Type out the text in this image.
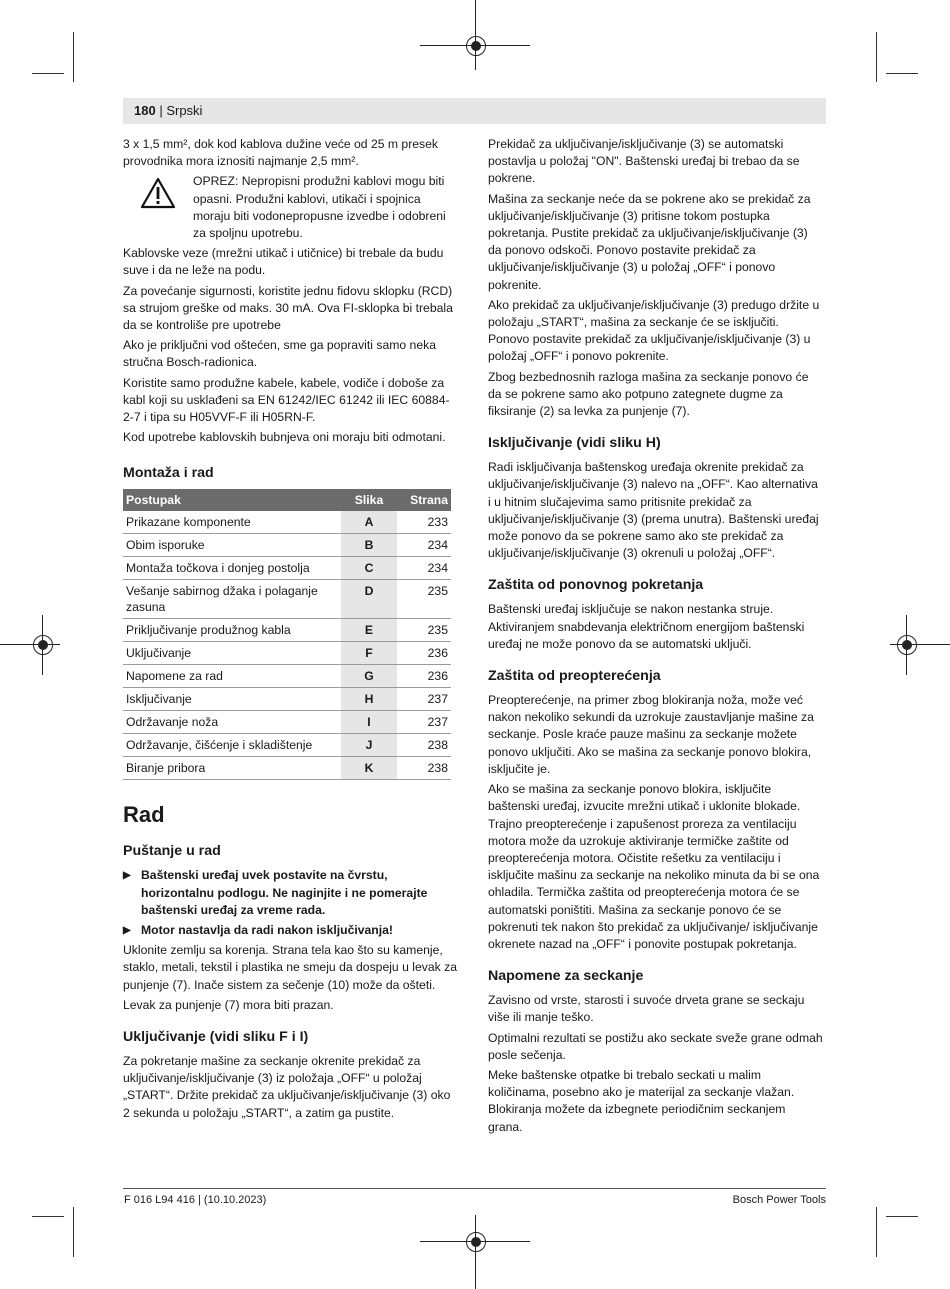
180 | Srpski

3 x 1,5 mm², dok kod kablova dužine veće od 25 m presek provodnika mora iznositi najmanje 2,5 mm².

OPREZ: Nepropisni produžni kablovi mogu biti opasni. Produžni kablovi, utikači i spojnica moraju biti vodonepropusne izvedbe i odobreni za spoljnu upotrebu.

Kablovske veze (mrežni utikač i utičnice) bi trebale da budu suve i da ne leže na podu.

Za povećanje sigurnosti, koristite jednu fidovu sklopku (RCD) sa strujom greške od maks. 30 mA. Ova FI-sklopka bi trebala da se kontroliše pre upotrebe

Ako je priključni vod oštećen, sme ga popraviti samo neka stručna Bosch-radionica.

Koristite samo produžne kabele, kabele, vodiče i doboše za kabl koji su usklađeni sa EN 61242/IEC 61242 ili IEC 60884-2-7 i tipa su H05VVF-F ili H05RN-F.

Kod upotrebe kablovskih bubnjeva oni moraju biti odmotani.

Montaža i rad
Postupak	Slika	Strana
Prikazane komponente	A	233
Obim isporuke	B	234
Montaža točkova i donjeg postolja	C	234
Vešanje sabirnog džaka i polaganje zasuna	D	235
Priključivanje produžnog kabla	E	235
Uključivanje	F	236
Napomene za rad	G	236
Isključivanje	H	237
Održavanje noža	I	237
Održavanje, čišćenje i skladištenje	J	238
Biranje pribora	K	238
Rad
Puštanje u rad
▶ Baštenski uređaj uvek postavite na čvrstu, horizontalnu podlogu. Ne naginjite i ne pomerajte baštenski uređaj za vreme rada.
▶ Motor nastavlja da radi nakon isključivanja!

Uklonite zemlju sa korenja. Strana tela kao što su kamenje, staklo, metali, tekstil i plastika ne smeju da dospeju u levak za punjenje (7). Inače sistem za sečenje (10) može da ošteti.

Levak za punjenje (7) mora biti prazan.

Uključivanje (vidi sliku F i I)

Za pokretanje mašine za seckanje okrenite prekidač za uključivanje/isključivanje (3) iz položaja „OFF“ u položaj „START“. Držite prekidač za uključivanje/isključivanje (3) oko 2 sekunda u položaju „START“, a zatim ga pustite.

Prekidač za uključivanje/isključivanje (3) se automatski postavlja u položaj "ON". Baštenski uređaj bi trebao da se pokrene.

Mašina za seckanje neće da se pokrene ako se prekidač za uključivanje/isključivanje (3) pritisne tokom postupka pokretanja. Pustite prekidač za uključivanje/isključivanje (3) da ponovo odskoči. Ponovo postavite prekidač za uključivanje/isključivanje (3) u položaj „OFF“ i ponovo pokrenite.

Ako prekidač za uključivanje/isključivanje (3) predugo držite u položaju „START“, mašina za seckanje će se isključiti. Ponovo postavite prekidač za uključivanje/isključivanje (3) u položaj „OFF“ i ponovo pokrenite.

Zbog bezbednosnih razloga mašina za seckanje ponovo će da se pokrene samo ako potpuno zategnete dugme za fiksiranje (2) sa levka za punjenje (7).

Isključivanje (vidi sliku H)

Radi isključivanja baštenskog uređaja okrenite prekidač za uključivanje/isključivanje (3) nalevo na „OFF“. Kao alternativa i u hitnim slučajevima samo pritisnite prekidač za uključivanje/isključivanje (3) (prema unutra). Baštenski uređaj može ponovo da se pokrene samo ako ste prekidač za uključivanje/isključivanje (3) okrenuli u položaj „OFF“.

Zaštita od ponovnog pokretanja

Baštenski uređaj isključuje se nakon nestanka struje. Aktiviranjem snabdevanja električnom energijom baštenski uređaj ne može ponovo da se automatski uključi.

Zaštita od preopterećenja

Preopterećenje, na primer zbog blokiranja noža, može već nakon nekoliko sekundi da uzrokuje zaustavljanje mašine za seckanje. Posle kraće pauze mašinu za seckanje možete ponovo uključiti. Ako se mašina za seckanje ponovo blokira, isključite je.

Ako se mašina za seckanje ponovo blokira, isključite baštenski uređaj, izvucite mrežni utikač i uklonite blokade. Trajno preopterećenje i zapušenost proreza za ventilaciju motora može da uzrokuje aktiviranje termičke zaštite od preopterećenja motora. Očistite rešetku za ventilaciju i isključite mašinu za seckanje na nekoliko minuta da bi se ona ohladila. Termička zaštita od preopterećenja motora će se automatski poništiti. Mašina za seckanje ponovo će se pokrenuti tek nakon što prekidač za uključivanje/ isključivanje okrenete nazad na „OFF“ i ponovite postupak pokretanja.

Napomene za seckanje

Zavisno od vrste, starosti i suvoće drveta grane se seckaju više ili manje teško.

Optimalni rezultati se postižu ako seckate sveže grane odmah posle sečenja.

Meke baštenske otpatke bi trebalo seckati u malim količinama, posebno ako je materijal za seckanje vlažan. Blokiranja možete da izbegnete periodičnim seckanjem grana.

F 016 L94 416 | (10.10.2023)	Bosch Power Tools
